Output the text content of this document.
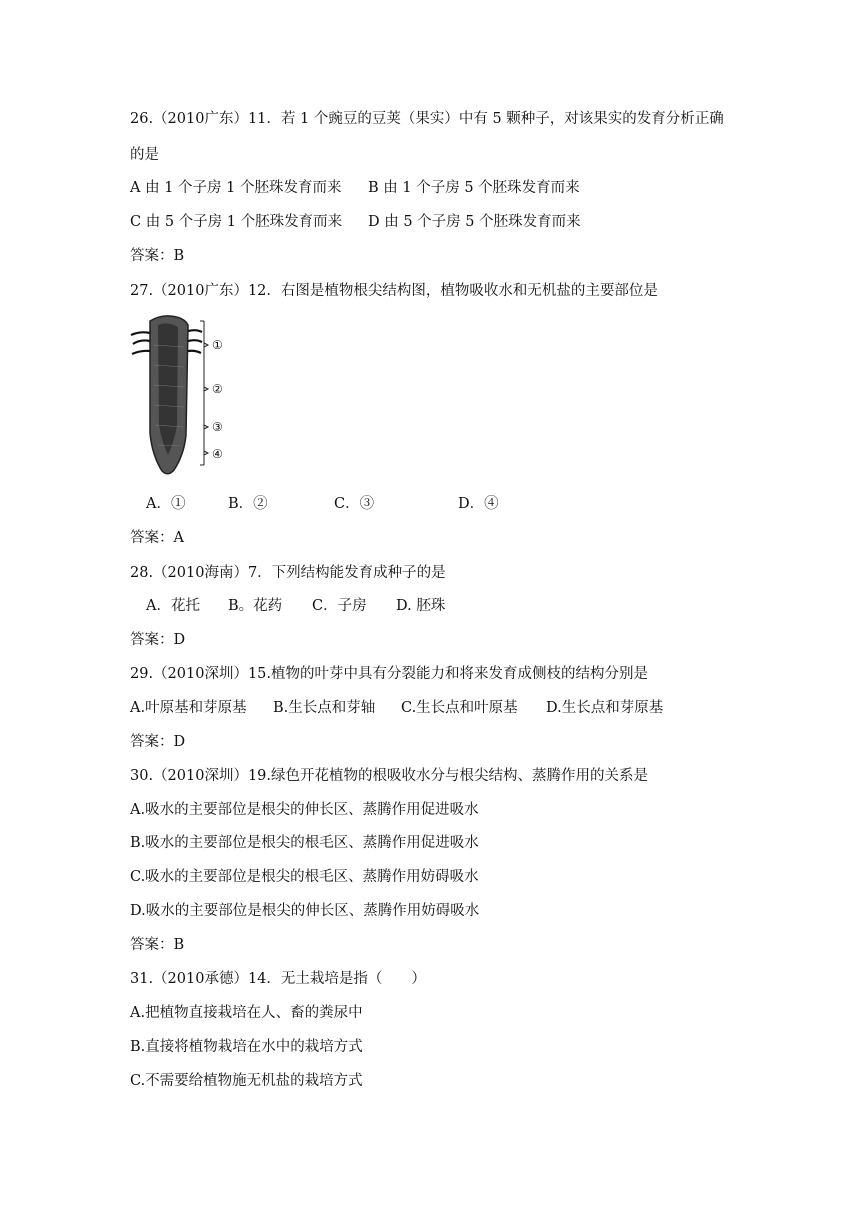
26.（2010广东）11．若 1 个豌豆的豆荚（果实）中有 5 颗种子，对该果实的发育分析正确
的是
A 由 1 个子房 1 个胚珠发育而来 B 由 1 个子房 5 个胚珠发育而来
C 由 5 个子房 1 个胚珠发育而来 D 由 5 个子房 5 个胚珠发育而来
答案：B
27.（2010广东）12．右图是植物根尖结构图，植物吸收水和无机盐的主要部位是
①
②
③
④
A．①	B．②	C．③	D．④
答案：A
28.（2010海南）7．下列结构能发育成种子的是
A．花托 B。花药 C．子房 D. 胚珠
答案：D
29.（2010深圳）15.植物的叶芽中具有分裂能力和将来发育成侧枝的结构分别是
A.叶原基和芽原基 B.生长点和芽轴 C.生长点和叶原基 D.生长点和芽原基
答案：D
30.（2010深圳）19.绿色开花植物的根吸收水分与根尖结构、蒸腾作用的关系是
A.吸水的主要部位是根尖的伸长区、蒸腾作用促进吸水
B.吸水的主要部位是根尖的根毛区、蒸腾作用促进吸水
C.吸水的主要部位是根尖的根毛区、蒸腾作用妨碍吸水
D.吸水的主要部位是根尖的伸长区、蒸腾作用妨碍吸水
答案：B
31.（2010承德）14．无土栽培是指（　　）
A.把植物直接栽培在人、畜的粪尿中
B.直接将植物栽培在水中的栽培方式
C.不需要给植物施无机盐的栽培方式
